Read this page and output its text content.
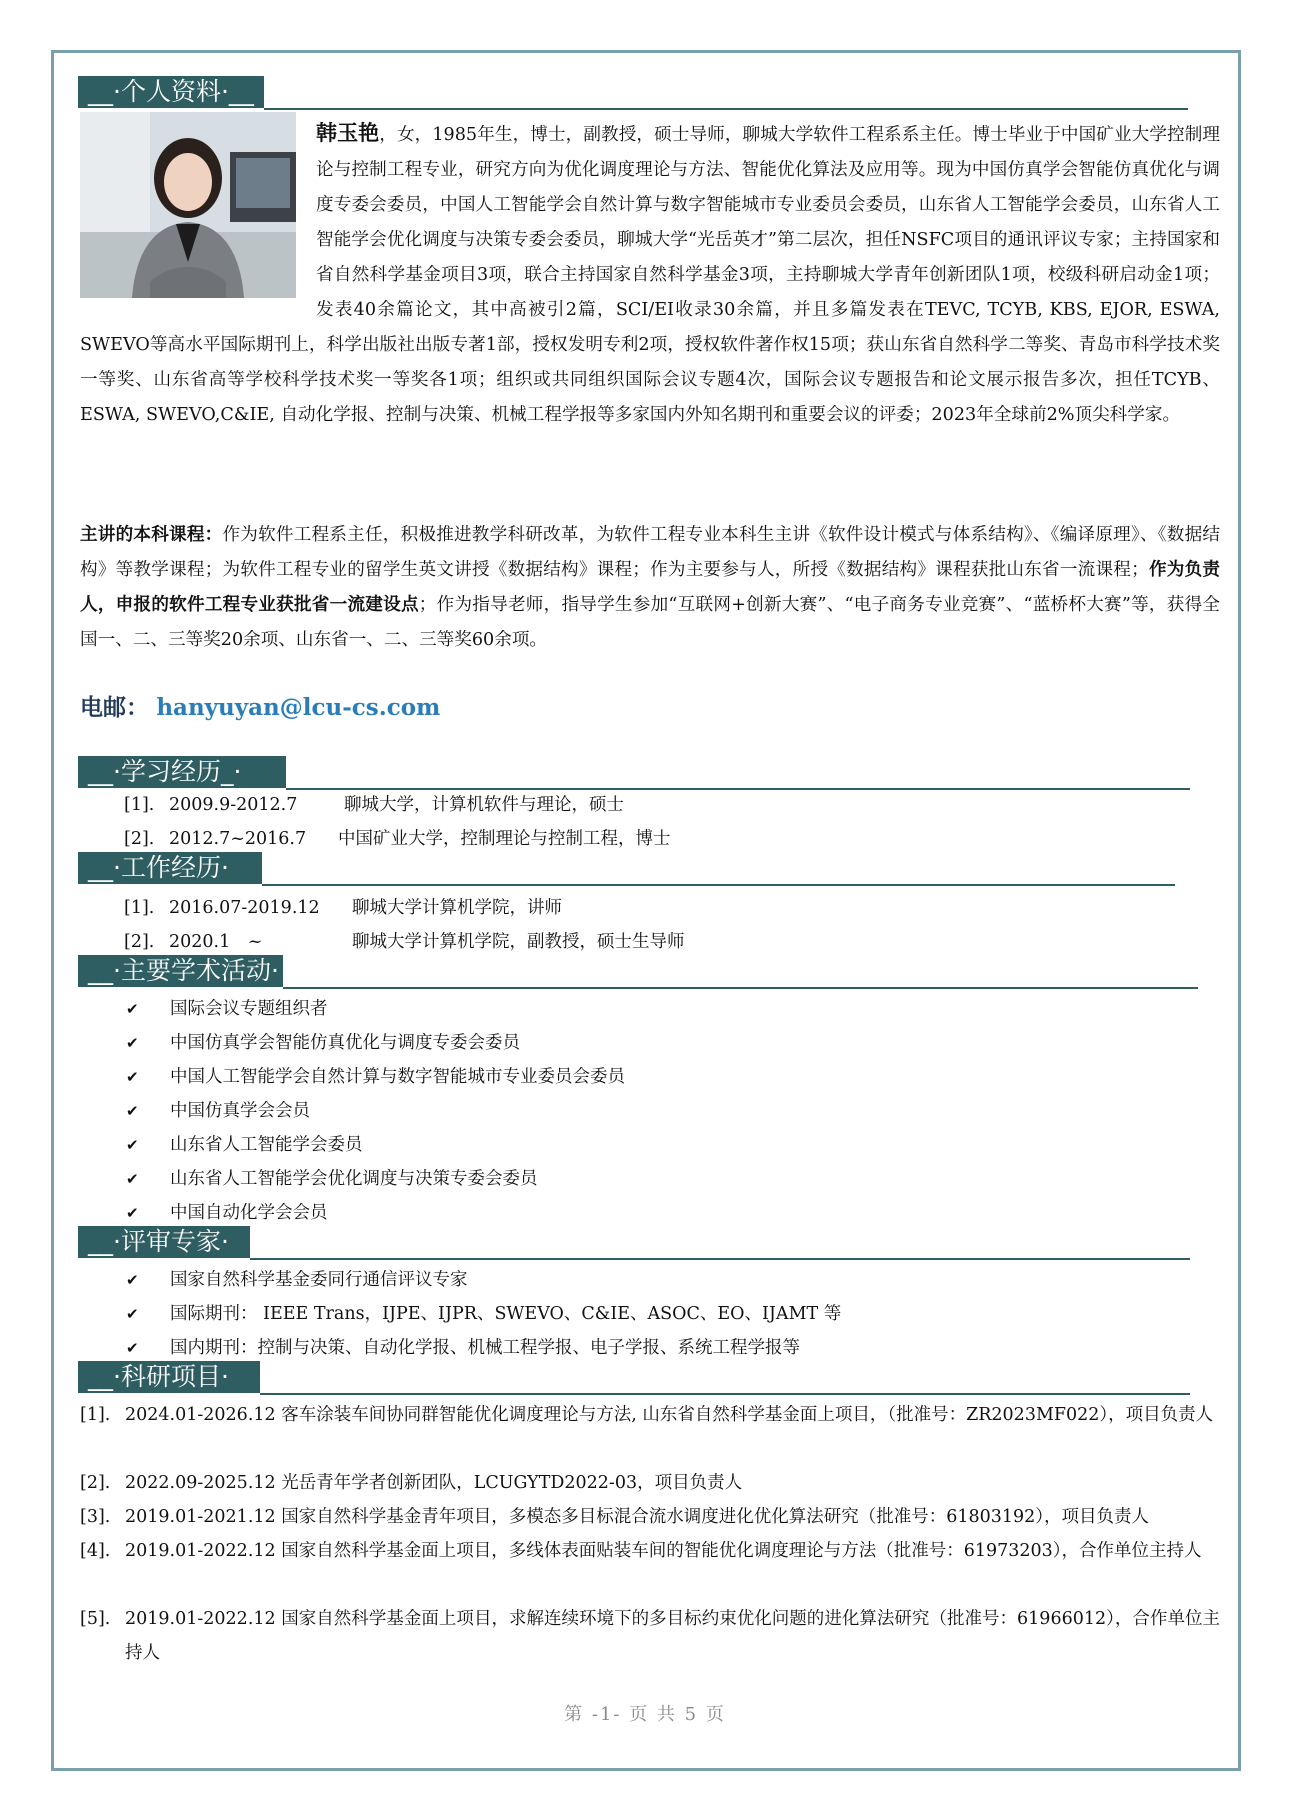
__·个人资料·__

韩玉艳，女，1985年生，博士，副教授，硕士导师，聊城大学软件工程系系主任。博士毕业于中国矿业大学控制理论与控制工程专业，研究方向为优化调度理论与方法、智能优化算法及应用等。现为中国仿真学会智能仿真优化与调度专委会委员，中国人工智能学会自然计算与数字智能城市专业委员会委员，山东省人工智能学会委员，山东省人工智能学会优化调度与决策专委会委员，聊城大学“光岳英才”第二层次，担任NSFC项目的通讯评议专家；主持国家和省自然科学基金项目3项，联合主持国家自然科学基金3项，主持聊城大学青年创新团队1项，校级科研启动金1项；发表40余篇论文，其中高被引2篇，SCI/EI收录30余篇，并且多篇发表在TEVC, TCYB, KBS, EJOR, ESWA, SWEVO等高水平国际期刊上，科学出版社出版专著1部，授权发明专利2项，授权软件著作权15项；获山东省自然科学二等奖、青岛市科学技术奖一等奖、山东省高等学校科学技术奖一等奖各1项；组织或共同组织国际会议专题4次，国际会议专题报告和论文展示报告多次，担任TCYB、 ESWA, SWEVO,C&IE, 自动化学报、控制与决策、机械工程学报等多家国内外知名期刊和重要会议的评委；2023年全球前2%顶尖科学家。

主讲的本科课程：作为软件工程系主任，积极推进教学科研改革，为软件工程专业本科生主讲《软件设计模式与体系结构》、《编译原理》、《数据结构》等教学课程；为软件工程专业的留学生英文讲授《数据结构》课程；作为主要参与人，所授《数据结构》课程获批山东省一流课程；作为负责人，申报的软件工程专业获批省一流建设点；作为指导老师，指导学生参加“互联网+创新大赛”、“电子商务专业竞赛”、“蓝桥杯大赛”等，获得全国一、二、三等奖20余项、山东省一、二、三等奖60余项。

电邮： hanyuyan@lcu-cs.com
__·学习经历_·
[1]. 2009.9-2012.7	聊城大学，计算机软件与理论，硕士
[2]. 2012.7~2016.7 中国矿业大学，控制理论与控制工程，博士
__·工作经历·
[1]. 2016.07-2019.12 聊城大学计算机学院，讲师
[2]. 2020.1　~	聊城大学计算机学院，副教授，硕士生导师
__·主要学术活动·
✔ 国际会议专题组织者
✔ 中国仿真学会智能仿真优化与调度专委会委员
✔ 中国人工智能学会自然计算与数字智能城市专业委员会委员
✔ 中国仿真学会会员
✔ 山东省人工智能学会委员
✔ 山东省人工智能学会优化调度与决策专委会委员
✔ 中国自动化学会会员
__·评审专家·
✔ 国家自然科学基金委同行通信评议专家
✔ 国际期刊： IEEE Trans，IJPE、IJPR、SWEVO、C&IE、ASOC、EO、IJAMT 等
✔ 国内期刊：控制与决策、自动化学报、机械工程学报、电子学报、系统工程学报等
__·科研项目·
[1]. 2024.01-2026.12 客车涂装车间协同群智能优化调度理论与方法, 山东省自然科学基金面上项目，（批准号：ZR2023MF022），项目负责人
[2]. 2022.09-2025.12 光岳青年学者创新团队，LCUGYTD2022-03，项目负责人
[3]. 2019.01-2021.12 国家自然科学基金青年项目，多模态多目标混合流水调度进化优化算法研究（批准号：61803192），项目负责人
[4]. 2019.01-2022.12 国家自然科学基金面上项目，多线体表面贴装车间的智能优化调度理论与方法（批准号：61973203），合作单位主持人
[5]. 2019.01-2022.12 国家自然科学基金面上项目，求解连续环境下的多目标约束优化问题的进化算法研究（批准号：61966012），合作单位主持人
第 -1- 页 共 5 页
